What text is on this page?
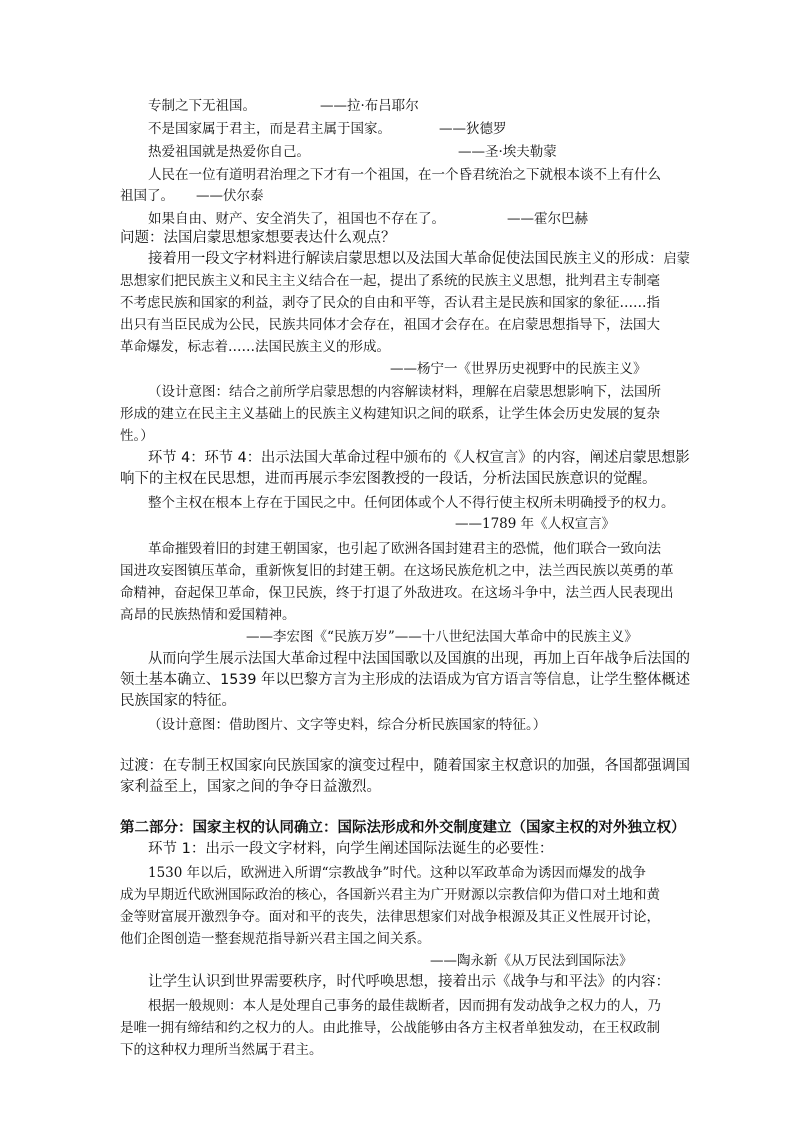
专制之下无祖国。	——拉·布吕耶尔
不是国家属于君主，而是君主属于国家。	——狄德罗
热爱祖国就是热爱你自己。	——圣·埃夫勒蒙
人民在一位有道明君治理之下才有一个祖国，在一个昏君统治之下就根本谈不上有什么
祖国了。 ——伏尔泰
如果自由、财产、安全消失了，祖国也不存在了。	——霍尔巴赫
问题：法国启蒙思想家想要表达什么观点？
接着用一段文字材料进行解读启蒙思想以及法国大革命促使法国民族主义的形成：启蒙
思想家们把民族主义和民主主义结合在一起，提出了系统的民族主义思想，批判君主专制毫
不考虑民族和国家的利益，剥夺了民众的自由和平等，否认君主是民族和国家的象征……指
出只有当臣民成为公民，民族共同体才会存在，祖国才会存在。在启蒙思想指导下，法国大
革命爆发，标志着……法国民族主义的形成。
——杨宁一《世界历史视野中的民族主义》
（设计意图：结合之前所学启蒙思想的内容解读材料，理解在启蒙思想影响下，法国所
形成的建立在民主主义基础上的民族主义构建知识之间的联系，让学生体会历史发展的复杂
性。）
环节 4：环节 4：出示法国大革命过程中颁布的《人权宣言》的内容，阐述启蒙思想影
响下的主权在民思想，进而再展示李宏图教授的一段话，分析法国民族意识的觉醒。
整个主权在根本上存在于国民之中。任何团体或个人不得行使主权所未明确授予的权力。
——1789 年《人权宣言》
革命摧毁着旧的封建王朝国家，也引起了欧洲各国封建君主的恐慌，他们联合一致向法
国进攻妄图镇压革命，重新恢复旧的封建王朝。在这场民族危机之中，法兰西民族以英勇的革
命精神，奋起保卫革命，保卫民族，终于打退了外敌进攻。在这场斗争中，法兰西人民表现出
高昂的民族热情和爱国精神。
——李宏图《“民族万岁”——十八世纪法国大革命中的民族主义》
从而向学生展示法国大革命过程中法国国歌以及国旗的出现，再加上百年战争后法国的
领土基本确立、1539 年以巴黎方言为主形成的法语成为官方语言等信息，让学生整体概述
民族国家的特征。
（设计意图：借助图片、文字等史料，综合分析民族国家的特征。）
过渡：在专制王权国家向民族国家的演变过程中，随着国家主权意识的加强，各国都强调国
家利益至上，国家之间的争夺日益激烈。
第二部分：国家主权的认同确立：国际法形成和外交制度建立（国家主权的对外独立权）
环节 1：出示一段文字材料，向学生阐述国际法诞生的必要性：
1530 年以后，欧洲进入所谓“宗教战争”时代。这种以军政革命为诱因而爆发的战争
成为早期近代欧洲国际政治的核心，各国新兴君主为广开财源以宗教信仰为借口对土地和黄
金等财富展开激烈争夺。面对和平的丧失，法律思想家们对战争根源及其正义性展开讨论，
他们企图创造一整套规范指导新兴君主国之间关系。
——陶永新《从万民法到国际法》
让学生认识到世界需要秩序，时代呼唤思想，接着出示《战争与和平法》的内容：
根据一般规则：本人是处理自己事务的最佳裁断者，因而拥有发动战争之权力的人，乃
是唯一拥有缔结和约之权力的人。由此推导，公战能够由各方主权者单独发动，在王权政制
下的这种权力理所当然属于君主。
